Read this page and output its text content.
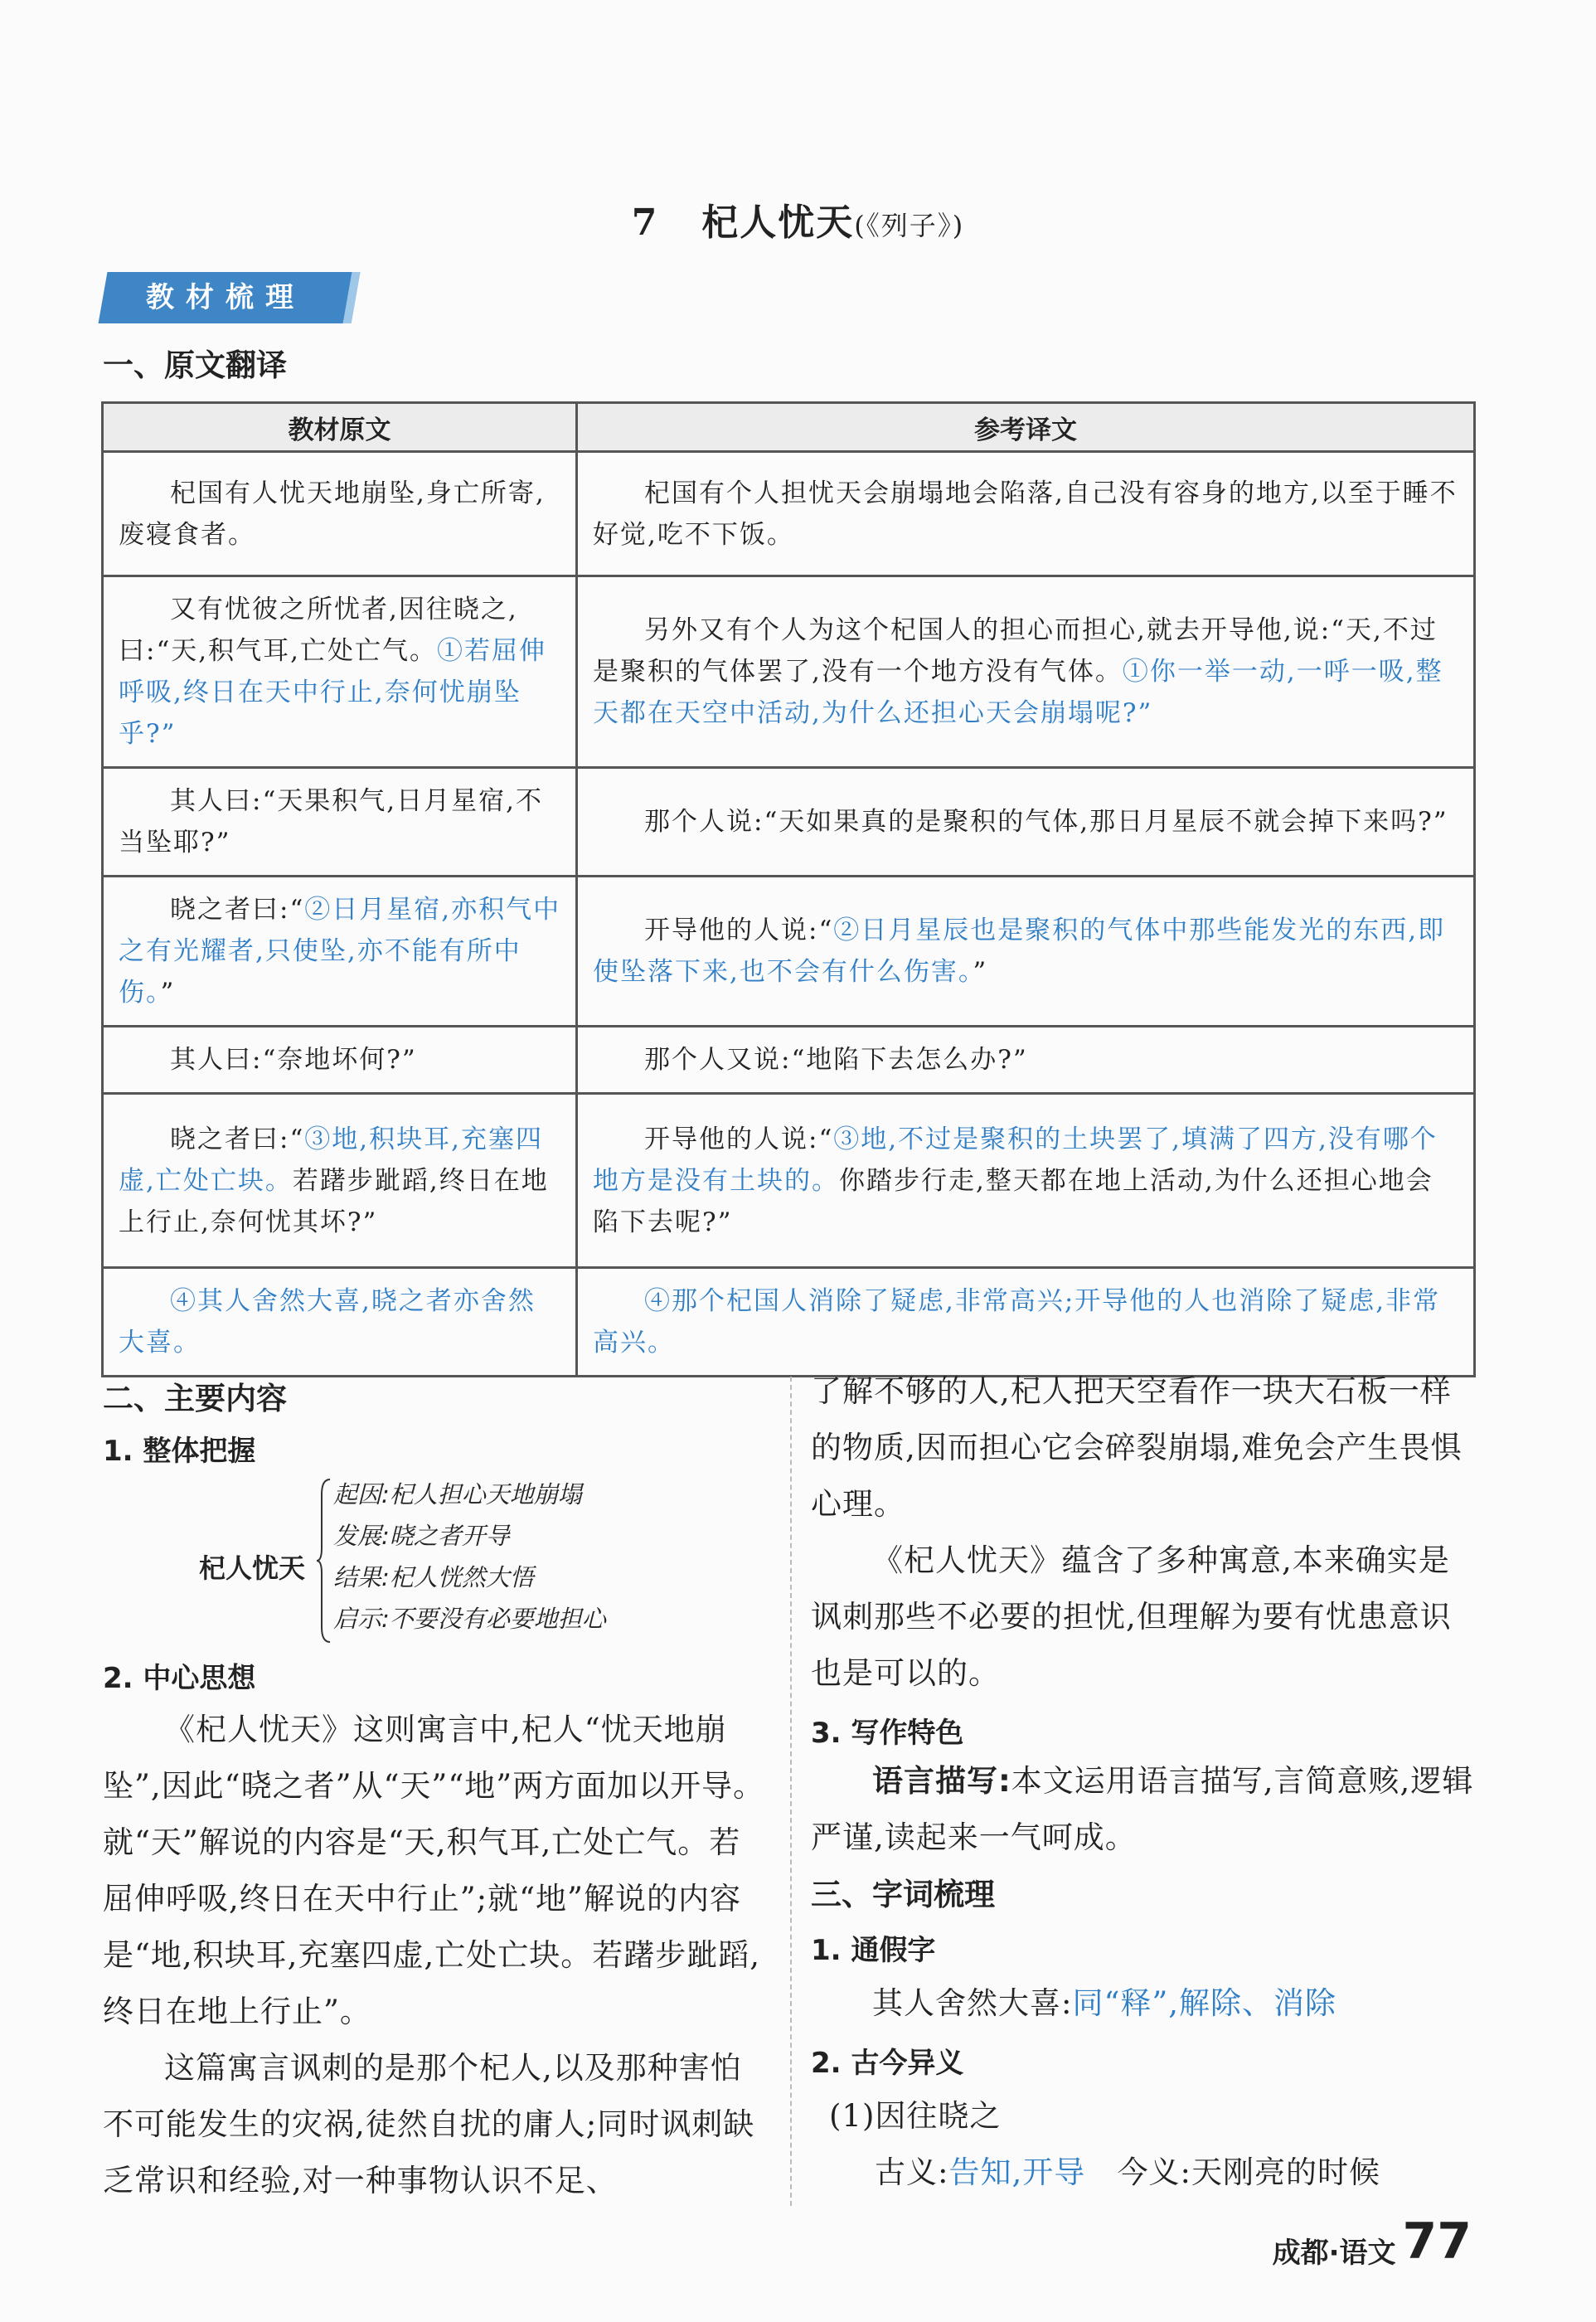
7 杞人忧天(《列子》)
教材梳理
一、原文翻译
教材原文	参考译文
杞国有人忧天地崩坠,身亡所寄,废寝食者。	杞国有个人担忧天会崩塌地会陷落,自己没有容身的地方,以至于睡不好觉,吃不下饭。

又有忧彼之所忧者,因往晓之,曰:“天,积气耳,亡处亡气。①若屈伸呼吸,终日在天中行止,奈何忧崩坠乎?”	另外又有个人为这个杞国人的担心而担心,就去开导他,说:“天,不过是聚积的气体罢了,没有一个地方没有气体。①你一举一动,一呼一吸,整天都在天空中活动,为什么还担心天会崩塌呢?”

其人曰:“天果积气,日月星宿,不当坠耶?”	那个人说:“天如果真的是聚积的气体,那日月星辰不就会掉下来吗?”

晓之者曰:“②日月星宿,亦积气中之有光耀者,只使坠,亦不能有所中伤。”	开导他的人说:“②日月星辰也是聚积的气体中那些能发光的东西,即使坠落下来,也不会有什么伤害。”

其人曰:“奈地坏何?”	那个人又说:“地陷下去怎么办?”

晓之者曰:“③地,积块耳,充塞四虚,亡处亡块。若躇步跐蹈,终日在地上行止,奈何忧其坏?”	开导他的人说:“③地,不过是聚积的土块罢了,填满了四方,没有哪个地方是没有土块的。你踏步行走,整天都在地上活动,为什么还担心地会陷下去呢?”

④其人舍然大喜,晓之者亦舍然大喜。	④那个杞国人消除了疑虑,非常高兴;开导他的人也消除了疑虑,非常高兴。
二、主要内容
1. 整体把握
杞人忧天
起因:杞人担心天地崩塌
发展:晓之者开导
结果:杞人恍然大悟
启示:不要没有必要地担心
2. 中心思想

《杞人忧天》这则寓言中,杞人“忧天地崩坠”,因此“晓之者”从“天”“地”两方面加以开导。就“天”解说的内容是“天,积气耳,亡处亡气。若屈伸呼吸,终日在天中行止”;就“地”解说的内容是“地,积块耳,充塞四虚,亡处亡块。若躇步跐蹈,终日在地上行止”。

这篇寓言讽刺的是那个杞人,以及那种害怕不可能发生的灾祸,徒然自扰的庸人;同时讽刺缺乏常识和经验,对一种事物认识不足、

了解不够的人,杞人把天空看作一块大石板一样的物质,因而担心它会碎裂崩塌,难免会产生畏惧心理。

《杞人忧天》蕴含了多种寓意,本来确实是讽刺那些不必要的担忧,但理解为要有忧患意识也是可以的。

3. 写作特色

语言描写:本文运用语言描写,言简意赅,逻辑严谨,读起来一气呵成。

三、字词梳理
1. 通假字

其人舍然大喜:同“释”,解除、消除

2. 古今异义

(1)因往晓之

古义:告知,开导 今义:天刚亮的时候

成都·语文 77
